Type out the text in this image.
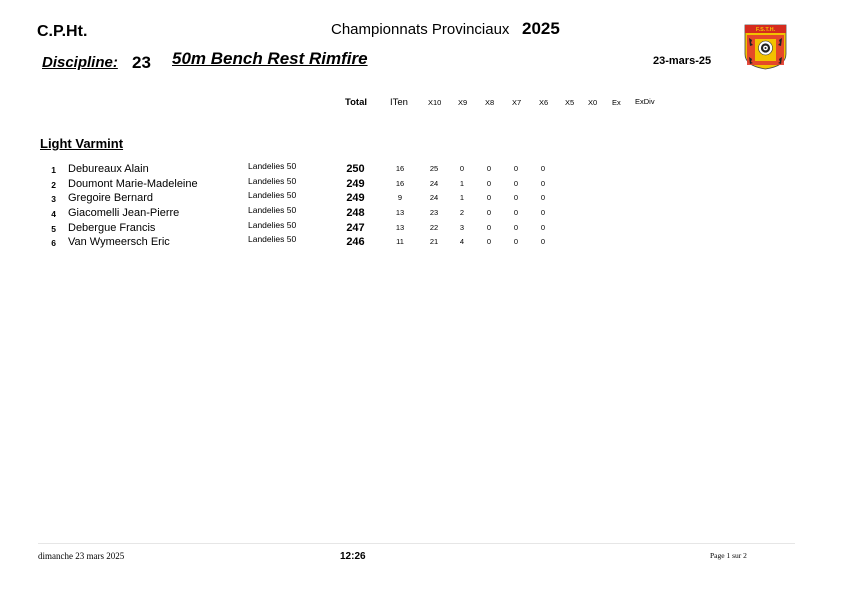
C.P.Ht.	Championnats Provinciaux 2025
Discipline: 23 50m Bench Rest Rimfire	23-mars-25
F.S.T.H.
Total ITen	X10 X9 X8 X7 X6 X5 X0 Ex ExDiv
Light Varmint
1 Debureaux Alain	Landelies 50	250	16	25	0	0	0	0
2 Doumont Marie-Madeleine	Landelies 50	249	16	24	1	0	0	0
3 Gregoire Bernard	Landelies 50	249	9	24	1	0	0	0
4 Giacomelli Jean-Pierre	Landelies 50	248	13	23	2	0	0	0
5 Debergue Francis	Landelies 50	247	13	22	3	0	0	0
6 Van Wymeersch Eric	Landelies 50	246	11	21	4	0	0	0
dimanche 23 mars 2025	12:26	Page 1 sur 2
